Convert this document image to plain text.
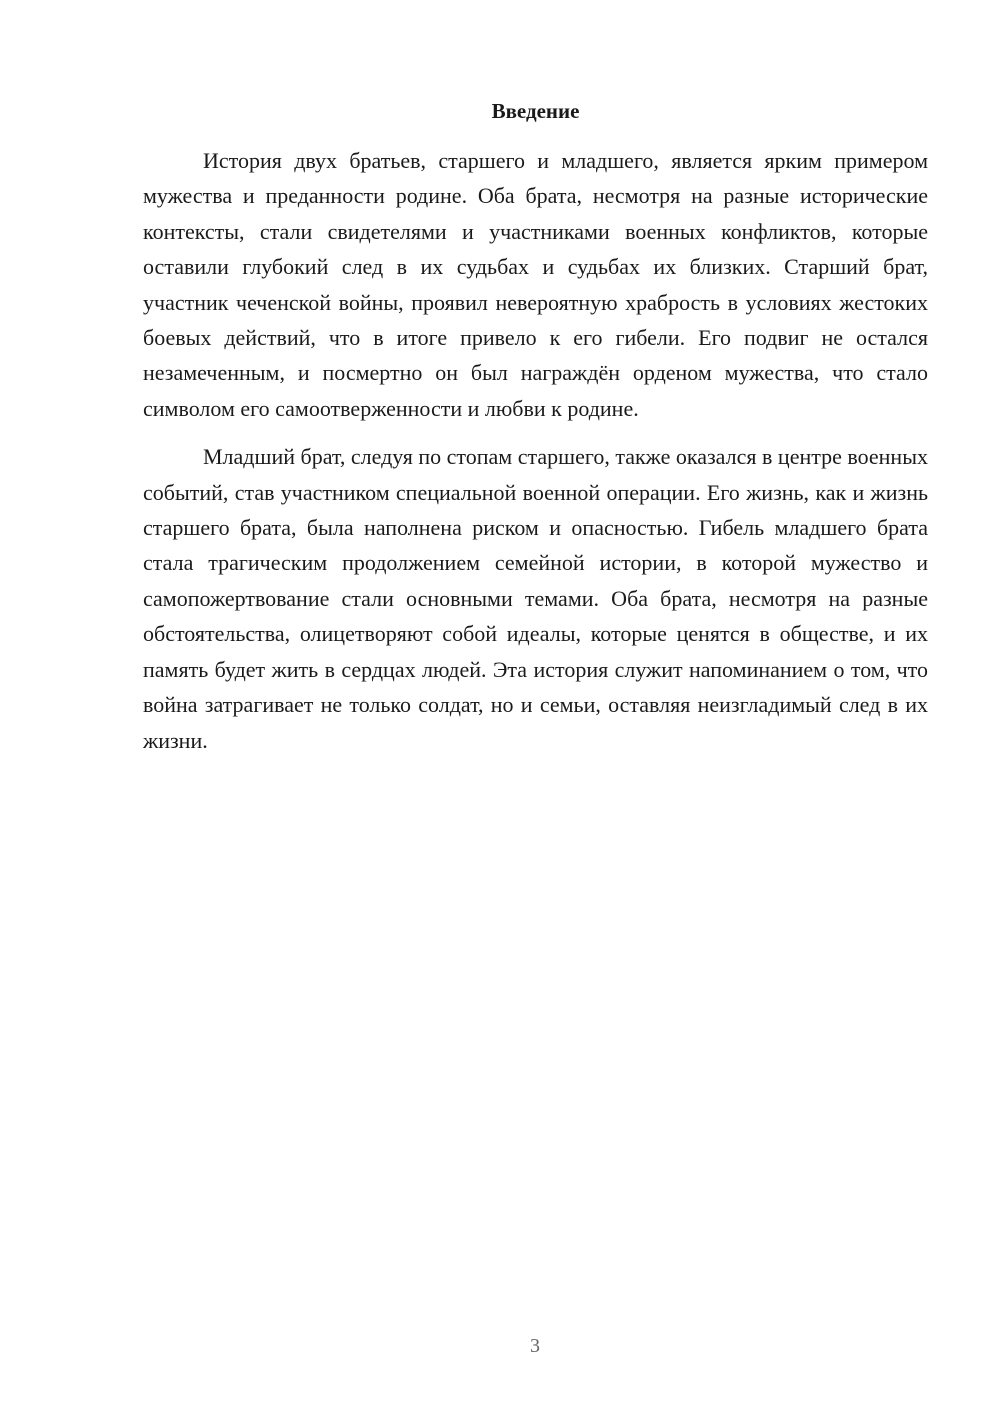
Введение

История двух братьев, старшего и младшего, является ярким примером мужества и преданности родине. Оба брата, несмотря на разные исторические контексты, стали свидетелями и участниками военных конфликтов, которые оставили глубокий след в их судьбах и судьбах их близких. Старший брат, участник чеченской войны, проявил невероятную храбрость в условиях жестоких боевых действий, что в итоге привело к его гибели. Его подвиг не остался незамеченным, и посмертно он был награждён орденом мужества, что стало символом его самоотверженности и любви к родине.

Младший брат, следуя по стопам старшего, также оказался в центре военных событий, став участником специальной военной операции. Его жизнь, как и жизнь старшего брата, была наполнена риском и опасностью. Гибель младшего брата стала трагическим продолжением семейной истории, в которой мужество и самопожертвование стали основными темами. Оба брата, несмотря на разные обстоятельства, олицетворяют собой идеалы, которые ценятся в обществе, и их память будет жить в сердцах людей. Эта история служит напоминанием о том, что война затрагивает не только солдат, но и семьи, оставляя неизгладимый след в их жизни.

3
